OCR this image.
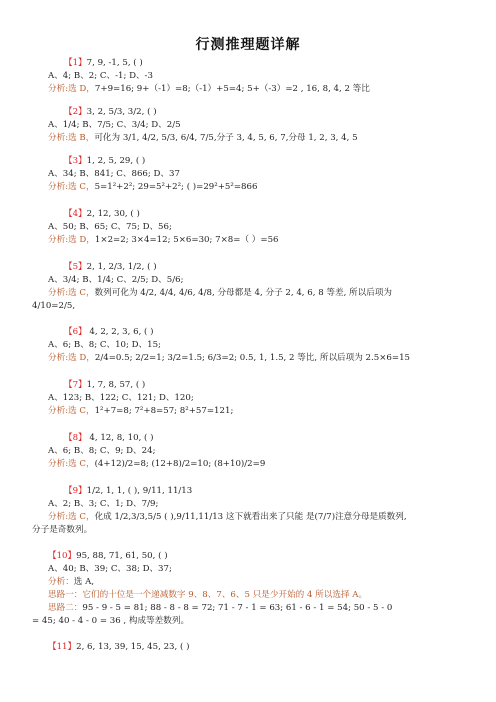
行测推理题详解
【1】7, 9, -1, 5, ( )
A、4; B、2; C、-1; D、-3
分析:选 D，7+9=16; 9+（-1）=8;（-1）+5=4; 5+（-3）=2 , 16, 8, 4, 2 等比
【2】3, 2, 5/3, 3/2, ( )
A、1/4; B、7/5; C、3/4; D、2/5
分析:选 B，可化为 3/1, 4/2, 5/3, 6/4, 7/5,分子 3, 4, 5, 6, 7,分母 1, 2, 3, 4, 5
【3】1, 2, 5, 29, ( )
A、34; B、841; C、866; D、37
分析:选 C，5=1²+2²; 29=5²+2²; ( )=29²+5²=866
【4】2, 12, 30, ( )
A、50; B、65; C、75; D、56;
分析:选 D，1×2=2; 3×4=12; 5×6=30; 7×8=（ ）=56
【5】2, 1, 2/3, 1/2, ( )
A、3/4; B、1/4; C、2/5; D、5/6;
分析:选 C，数列可化为 4/2, 4/4, 4/6, 4/8, 分母都是 4, 分子 2, 4, 6, 8 等差, 所以后项为
4/10=2/5,
【6】 4, 2, 2, 3, 6, ( )
A、6; B、8; C、10; D、15;
分析:选 D，2/4=0.5; 2/2=1; 3/2=1.5; 6/3=2; 0.5, 1, 1.5, 2 等比, 所以后项为 2.5×6=15
【7】1, 7, 8, 57, ( )
A、123; B、122; C、121; D、120;
分析:选 C，1²+7=8; 7²+8=57; 8²+57=121;
【8】 4, 12, 8, 10, ( )
A、6; B、8; C、9; D、24;
分析:选 C，(4+12)/2=8; (12+8)/2=10; (8+10)/2=9
【9】1/2, 1, 1, ( ), 9/11, 11/13
A、2; B、3; C、1; D、7/9;
分析:选 C，化成 1/2,3/3,5/5 ( ),9/11,11/13 这下就看出来了只能 是(7/7)注意分母是质数列,
分子是奇数列。
【10】95, 88, 71, 61, 50, ( )
A、40; B、39; C、38; D、37;
分析：选 A,
思路一：它们的十位是一个递减数字 9、8、7、6、5 只是少开始的 4 所以选择 A。
思路二：95 - 9 - 5 = 81; 88 - 8 - 8 = 72; 71 - 7 - 1 = 63; 61 - 6 - 1 = 54; 50 - 5 - 0
= 45; 40 - 4 - 0 = 36 , 构成等差数列。
【11】2, 6, 13, 39, 15, 45, 23, ( )
